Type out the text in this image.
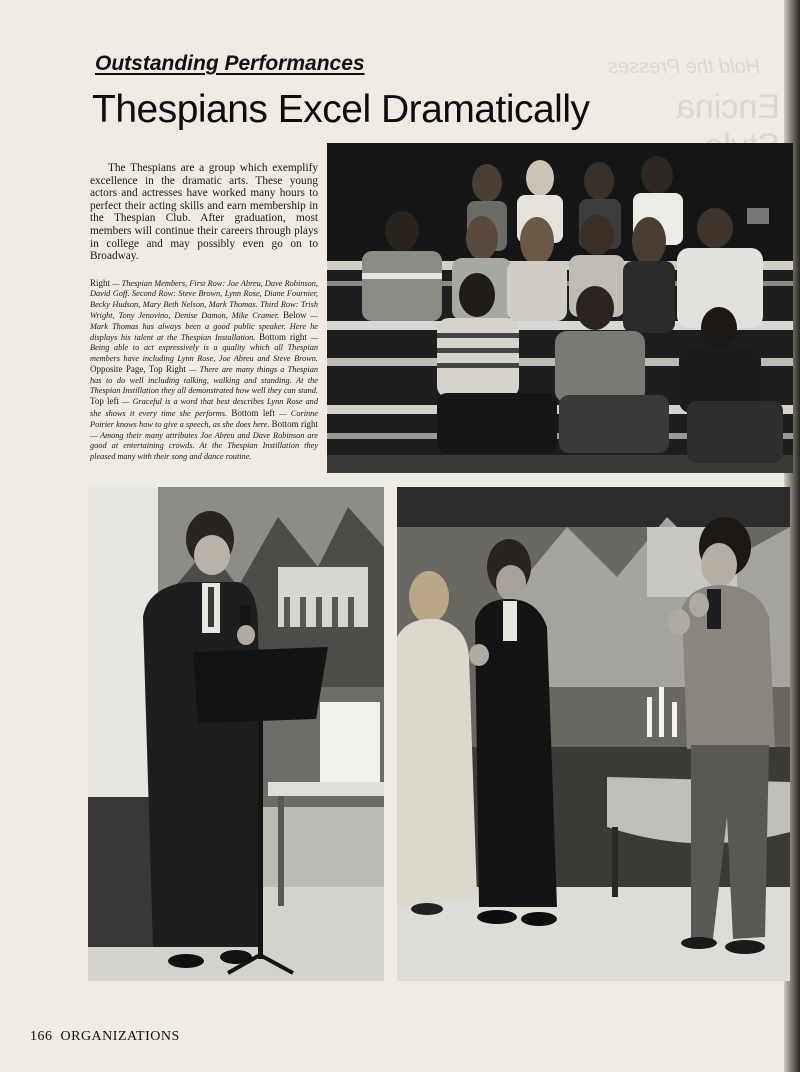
Hold the Presses
Encina
Outstanding Performances
Thespians Excel Dramatically

The Thespians are a group which exemplify excellence in the dramatic arts. These young actors and actresses have worked many hours to perfect their acting skills and earn membership in the Thespian Club. After graduation, most members will continue their careers through plays in college and may possibly even go on to Broadway.

Right — Thespian Members, First Row: Joe Abreu, Dave Robinson, David Goff. Second Row: Steve Brown, Lynn Rose, Diane Fournier, Becky Hudson, Mary Beth Nelson, Mark Thomas. Third Row: Trish Wright, Tony Jenovino, Denise Damon, Mike Cramer. Below — Mark Thomas has always been a good public speaker. Here he displays his talent at the Thespian Installation. Bottom right — Being able to act expressively is a quality which all Thespian members have including Lynn Rose, Joe Abreu and Steve Brown. Opposite Page, Top Right — There are many things a Thespian has to do well including talking, walking and standing. At the Thespian Instillation they all demonstrated how well they can stand. Top left — Graceful is a word that best describes Lynn Rose and she shows it every time she performs. Bottom left — Corinne Poirier knows how to give a speech, as she does here. Bottom right — Among their many attributes Joe Abreu and Dave Robinson are good at entertaining crowds. At the Thespian Instillation they pleased many with their song and dance routine.

166 ORGANIZATIONS
